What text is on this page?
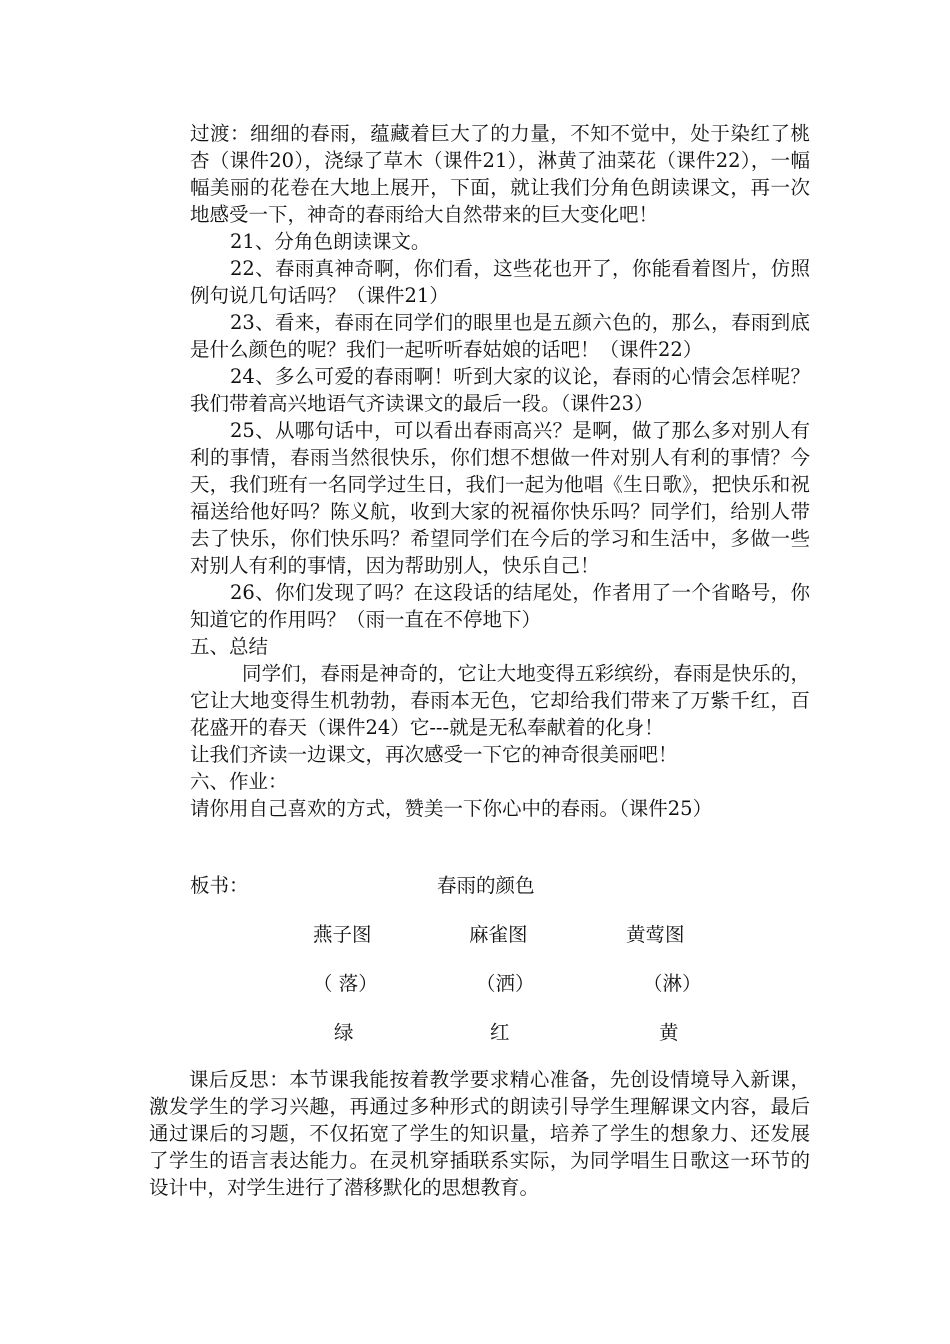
过渡：细细的春雨，蕴藏着巨大了的力量，不知不觉中，处于染红了桃杏（课件20），浇绿了草木（课件21），淋黄了油菜花（课件22），一幅幅美丽的花卷在大地上展开，下面，就让我们分角色朗读课文，再一次地感受一下，神奇的春雨给大自然带来的巨大变化吧！

21、分角色朗读课文。

22、春雨真神奇啊，你们看，这些花也开了，你能看着图片，仿照例句说几句话吗？（课件21）

23、看来，春雨在同学们的眼里也是五颜六色的，那么，春雨到底是什么颜色的呢？我们一起听听春姑娘的话吧！（课件22）

24、多么可爱的春雨啊！听到大家的议论，春雨的心情会怎样呢？我们带着高兴地语气齐读课文的最后一段。（课件23）

25、从哪句话中，可以看出春雨高兴？是啊，做了那么多对别人有利的事情，春雨当然很快乐，你们想不想做一件对别人有利的事情？今天，我们班有一名同学过生日，我们一起为他唱《生日歌》，把快乐和祝福送给他好吗？陈义航，收到大家的祝福你快乐吗？同学们，给别人带去了快乐，你们快乐吗？希望同学们在今后的学习和生活中，多做一些对别人有利的事情，因为帮助别人，快乐自己！

26、你们发现了吗？在这段话的结尾处，作者用了一个省略号，你知道它的作用吗？（雨一直在不停地下）

五、总结

同学们，春雨是神奇的，它让大地变得五彩缤纷，春雨是快乐的，它让大地变得生机勃勃，春雨本无色，它却给我们带来了万紫千红，百花盛开的春天（课件24）它---就是无私奉献着的化身！

让我们齐读一边课文，再次感受一下它的神奇很美丽吧！

六、作业：

请你用自己喜欢的方式，赞美一下你心中的春雨。（课件25）

板书：	春雨的颜色
燕子图	麻雀图	黄莺图
（ 落）	（洒）	（淋）
绿	红	黄

课后反思：本节课我能按着教学要求精心准备，先创设情境导入新课，激发学生的学习兴趣，再通过多种形式的朗读引导学生理解课文内容，最后通过课后的习题，不仅拓宽了学生的知识量，培养了学生的想象力、还发展了学生的语言表达能力。在灵机穿插联系实际，为同学唱生日歌这一环节的设计中，对学生进行了潜移默化的思想教育。
